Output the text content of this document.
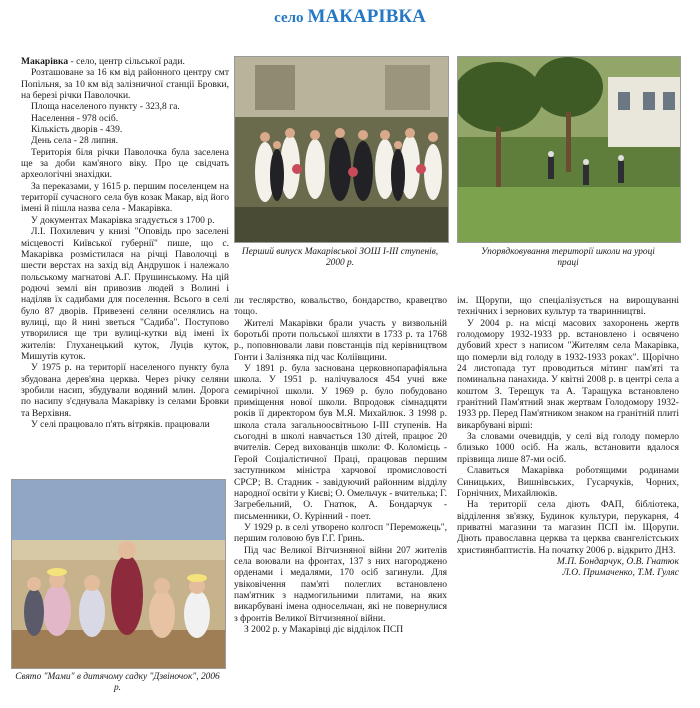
село МАКАРІВКА

Макарівка - село, центр сільської ради.

Розташоване за 16 км від районного центру смт Попільня, за 10 км від залізничної станції Бровки, на березі річки Паволочки.

Площа населеного пункту - 323,8 га.

Населення - 978 осіб.

Кількість дворів - 439.

День села - 28 липня.

Територія біля річки Паволочка була заселена ще за доби кам'яного віку. Про це свідчать археологічні знахідки.

За переказами, у 1615 р. першим поселенцем на території сучасного села був козак Макар, від його імені й пішла назва села - Макарівка.

У документах Макарівка згадується з 1700 р.

Л.І. Похилевич у книзі "Оповідь про заселені місцевості Київської губернії" пише, що с. Макарівка розмістилася на річці Паволочці в шести верстах на захід від Андрушок і належало польському магнатові А.Г. Прушинському. На цій родючі землі він привозив людей з Волині і наділяв їх садибами для поселення. Всього в селі було 87 дворів. Привезені селяни оселялись на вулиці, що й нині зветься "Садиба". Поступово утворилися ще три вулиці-кутки від імені їх жителів: Глуханецький куток, Луців куток, Мишутів куток.

У 1975 р. на території населеного пункту була збудована дерев'яна церква. Через річку селяни зробили насип, збудували водяний млин. Дорога по насипу з'єднувала Макарівку із селами Бровки та Верхівня.

У селі працювало п'ять вітряків. працювали

Перший випуск Макарівської ЗОШ І-ІІІ ступенів, 2000 р.
Упорядковування території школи на уроці праці
Свято "Мами" в дитячому садку "Дзвіночок", 2006 р.

ли теслярство, ковальство, бондарство, кравецтво тощо.

Жителі Макарівки брали участь у визвольній боротьбі проти польської шляхти в 1733 р. та 1768 р., поповнювали лави повстанців під керівництвом Гонти і Залізняка під час Коліївщини.

У 1891 р. була заснована церковнопарафіяльна школа. У 1951 р. налічувалося 454 учні вже семирічної школи. У 1969 р. було побудовано приміщення нової школи. Впродовж сімнадцяти років її директором був М.Я. Михайлюк. З 1998 р. школа стала загальноосвітньою І-ІІІ ступенів. На сьогодні в школі навчається 130 дітей, працює 20 вчителів. Серед вихованців школи: Ф. Коломієць - Герой Соціалістичної Праці, працював першим заступником міністра харчової промисловості СРСР; В. Стадник - завідуючий районним відділу народної освіти у Києві; О. Омельчук - вчителька; Г. Загребельний, О. Гнатюк, А. Бондарчук - письменники, О. Курінний - поет.

У 1929 р. в селі утворено колгосп "Переможець", першим головою був Г.Г. Гринь.

Під час Великої Вітчизняної війни 207 жителів села воювали на фронтах, 137 з них нагороджено орденами і медалями, 170 осіб загинули. Для увіковічення пам'яті полеглих встановлено пам'ятник з надмогильними плитами, на яких викарбувані імена односельчан, які не повернулися з фронтів Великої Вітчизняної війни.

З 2002 р. у Макарівці діє відділок ПСП

ім. Щорупи, що спеціалізується на вирощуванні технічних і зернових культур та тваринництві.

У 2004 р. на місці масових захоронень жертв голодомору 1932-1933 рр. встановлено і освячено дубовий хрест з написом "Жителям села Макарівка, що померли від голоду в 1932-1933 роках". Щорічно 24 листопада тут проводиться мітинг пам'яті та поминальна панахида. У квітні 2008 р. в центрі села а коштом З. Терещук та А. Таращука встановлено гранітний Пам'ятний знак жертвам Голодомору 1932-1933 рр. Перед Пам'ятником знаком на гранітній плиті викарбувані вірші:

За словами очевидців, у селі від голоду померло близько 1000 осіб. На жаль, встановити вдалося прізвища лише 87-ми осіб.

Славиться Макарівка роботящими родинами Синицьких, Вишнівських, Гусарчуків, Чорних, Горнічних, Михайлюків.

На території села діють ФАП, бібліотека, відділення зв'язку, Будинок культури, перукарня, 4 приватні магазини та магазин ПСП ім. Щорупи. Діють православна церква та церква євангелістських християнбаптистів. На початку 2006 р. відкрито ДНЗ.

М.П. Бондарчук, О.В. Гнатюк

Л.О. Примаченко, Т.М. Гуляс
